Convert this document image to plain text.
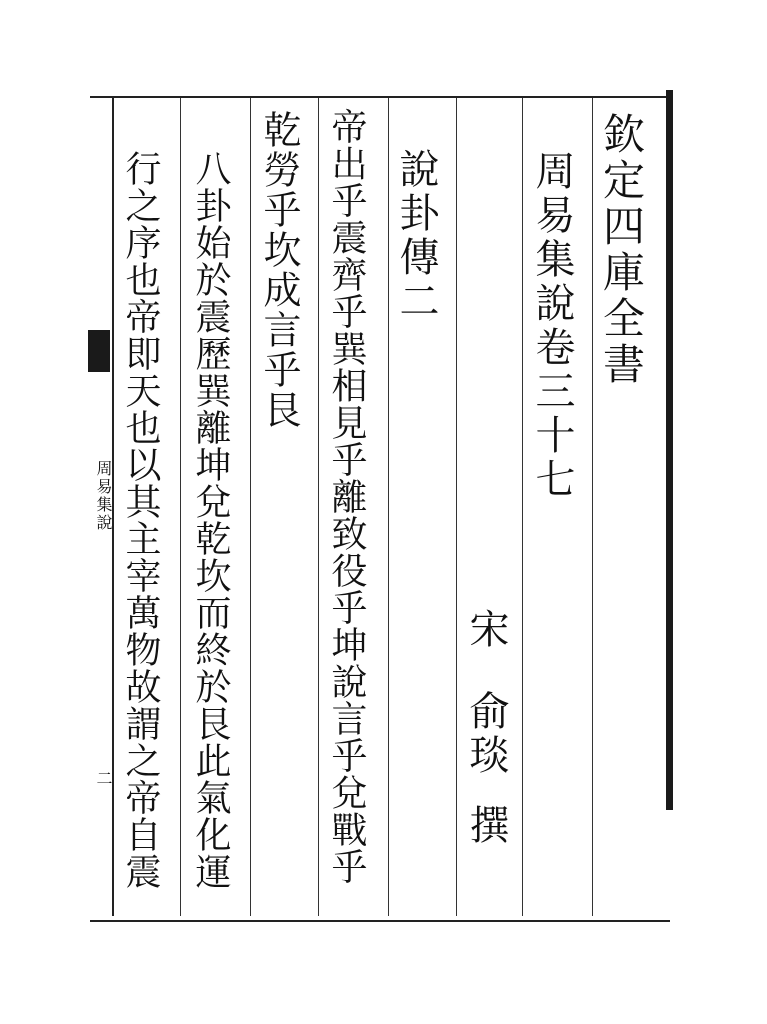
周易集說
二
欽定四庫全書
周易集說卷三十七
宋
俞琰
撰
說卦傳二
帝出乎震齊乎巽相見乎離致役乎坤說言乎兌戰乎
乾勞乎坎成言乎艮
八卦始於震歷巽離坤兌乾坎而終於艮此氣化運
行之序也帝即天也以其主宰萬物故謂之帝自震
